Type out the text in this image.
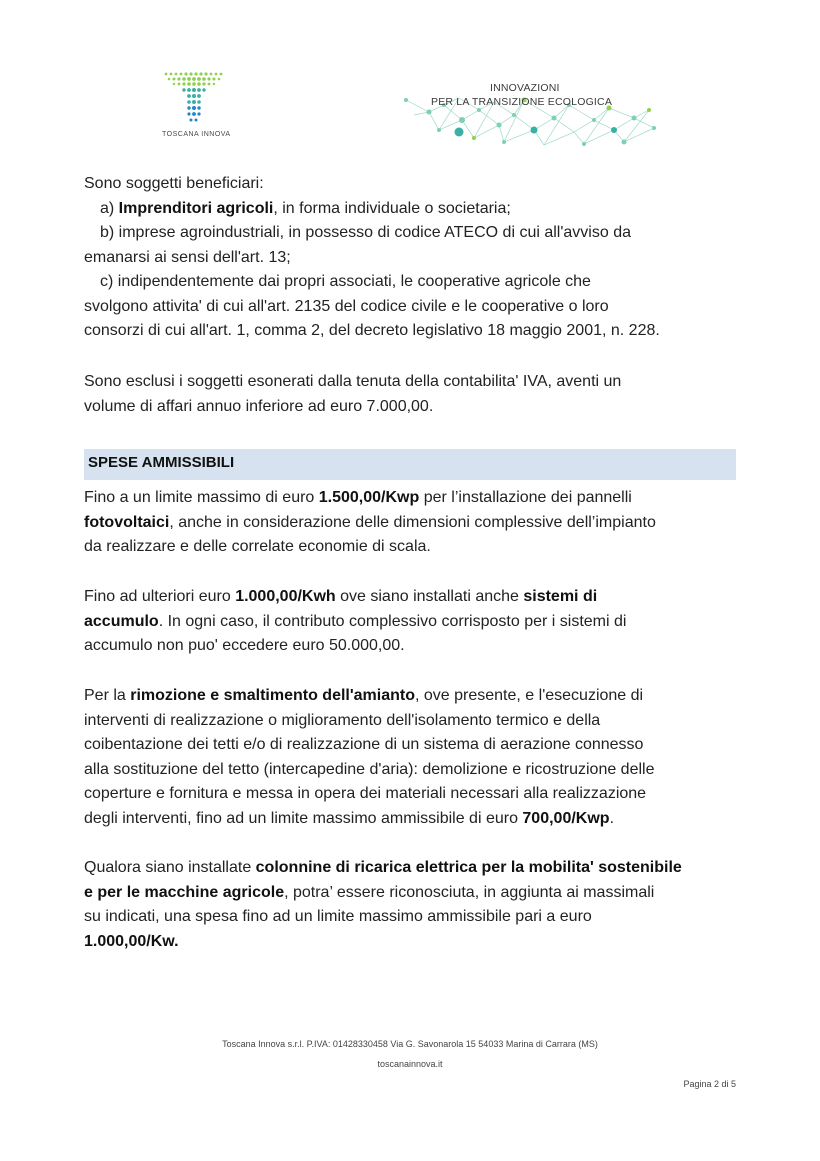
TOSCANA INNOVA
INNOVAZIONI
PER LA TRANSIZIONE ECOLOGICA
Sono soggetti beneficiari:
a) Imprenditori agricoli, in forma individuale o societaria;
b) imprese agroindustriali, in possesso di codice ATECO di cui all'avviso da
emanarsi ai sensi dell'art. 13;
c) indipendentemente dai propri associati, le cooperative agricole che
svolgono attivita' di cui all'art. 2135 del codice civile e le cooperative o loro
consorzi di cui all'art. 1, comma 2, del decreto legislativo 18 maggio 2001, n. 228.
Sono esclusi i soggetti esonerati dalla tenuta della contabilita' IVA, aventi un
volume di affari annuo inferiore ad euro 7.000,00.
SPESE AMMISSIBILI
Fino a un limite massimo di euro 1.500,00/Kwp per l’installazione dei pannelli
fotovoltaici, anche in considerazione delle dimensioni complessive dell’impianto
da realizzare e delle correlate economie di scala.
Fino ad ulteriori euro 1.000,00/Kwh ove siano installati anche sistemi di
accumulo. In ogni caso, il contributo complessivo corrisposto per i sistemi di
accumulo non puo' eccedere euro 50.000,00.
Per la rimozione e smaltimento dell'amianto, ove presente, e l'esecuzione di
interventi di realizzazione o miglioramento dell'isolamento termico e della
coibentazione dei tetti e/o di realizzazione di un sistema di aerazione connesso
alla sostituzione del tetto (intercapedine d'aria): demolizione e ricostruzione delle
coperture e fornitura e messa in opera dei materiali necessari alla realizzazione
degli interventi, fino ad un limite massimo ammissibile di euro 700,00/Kwp.
Qualora siano installate colonnine di ricarica elettrica per la mobilita' sostenibile
e per le macchine agricole, potra’ essere riconosciuta, in aggiunta ai massimali
su indicati, una spesa fino ad un limite massimo ammissibile pari a euro
1.000,00/Kw.
Toscana Innova s.r.l. P.IVA: 01428330458 Via G. Savonarola 15 54033 Marina di Carrara (MS)
toscanainnova.it
Pagina 2 di 5
